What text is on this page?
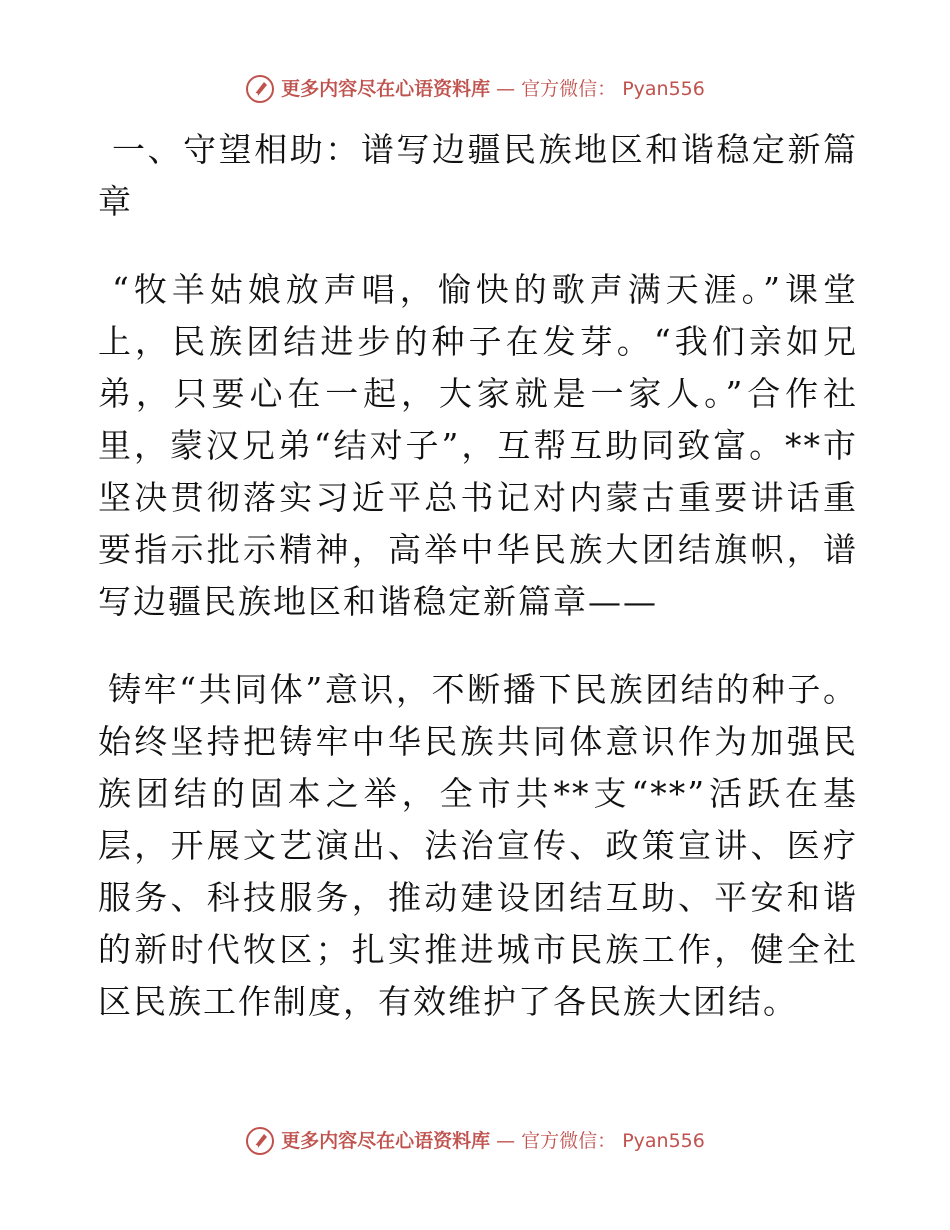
更多内容尽在心语资料库 — 官方微信： Pyan556

一、守望相助：谱写边疆民族地区和谐稳定新篇章

“牧羊姑娘放声唱，愉快的歌声满天涯。”课堂上，民族团结进步的种子在发芽。“我们亲如兄弟，只要心在一起，大家就是一家人。”合作社里，蒙汉兄弟“结对子”，互帮互助同致富。**市坚决贯彻落实习近平总书记对内蒙古重要讲话重要指示批示精神，高举中华民族大团结旗帜，谱写边疆民族地区和谐稳定新篇章——

铸牢“共同体”意识，不断播下民族团结的种子。始终坚持把铸牢中华民族共同体意识作为加强民族团结的固本之举，全市共**支“**”活跃在基层，开展文艺演出、法治宣传、政策宣讲、医疗服务、科技服务，推动建设团结互助、平安和谐的新时代牧区；扎实推进城市民族工作，健全社区民族工作制度，有效维护了各民族大团结。

更多内容尽在心语资料库 — 官方微信： Pyan556
